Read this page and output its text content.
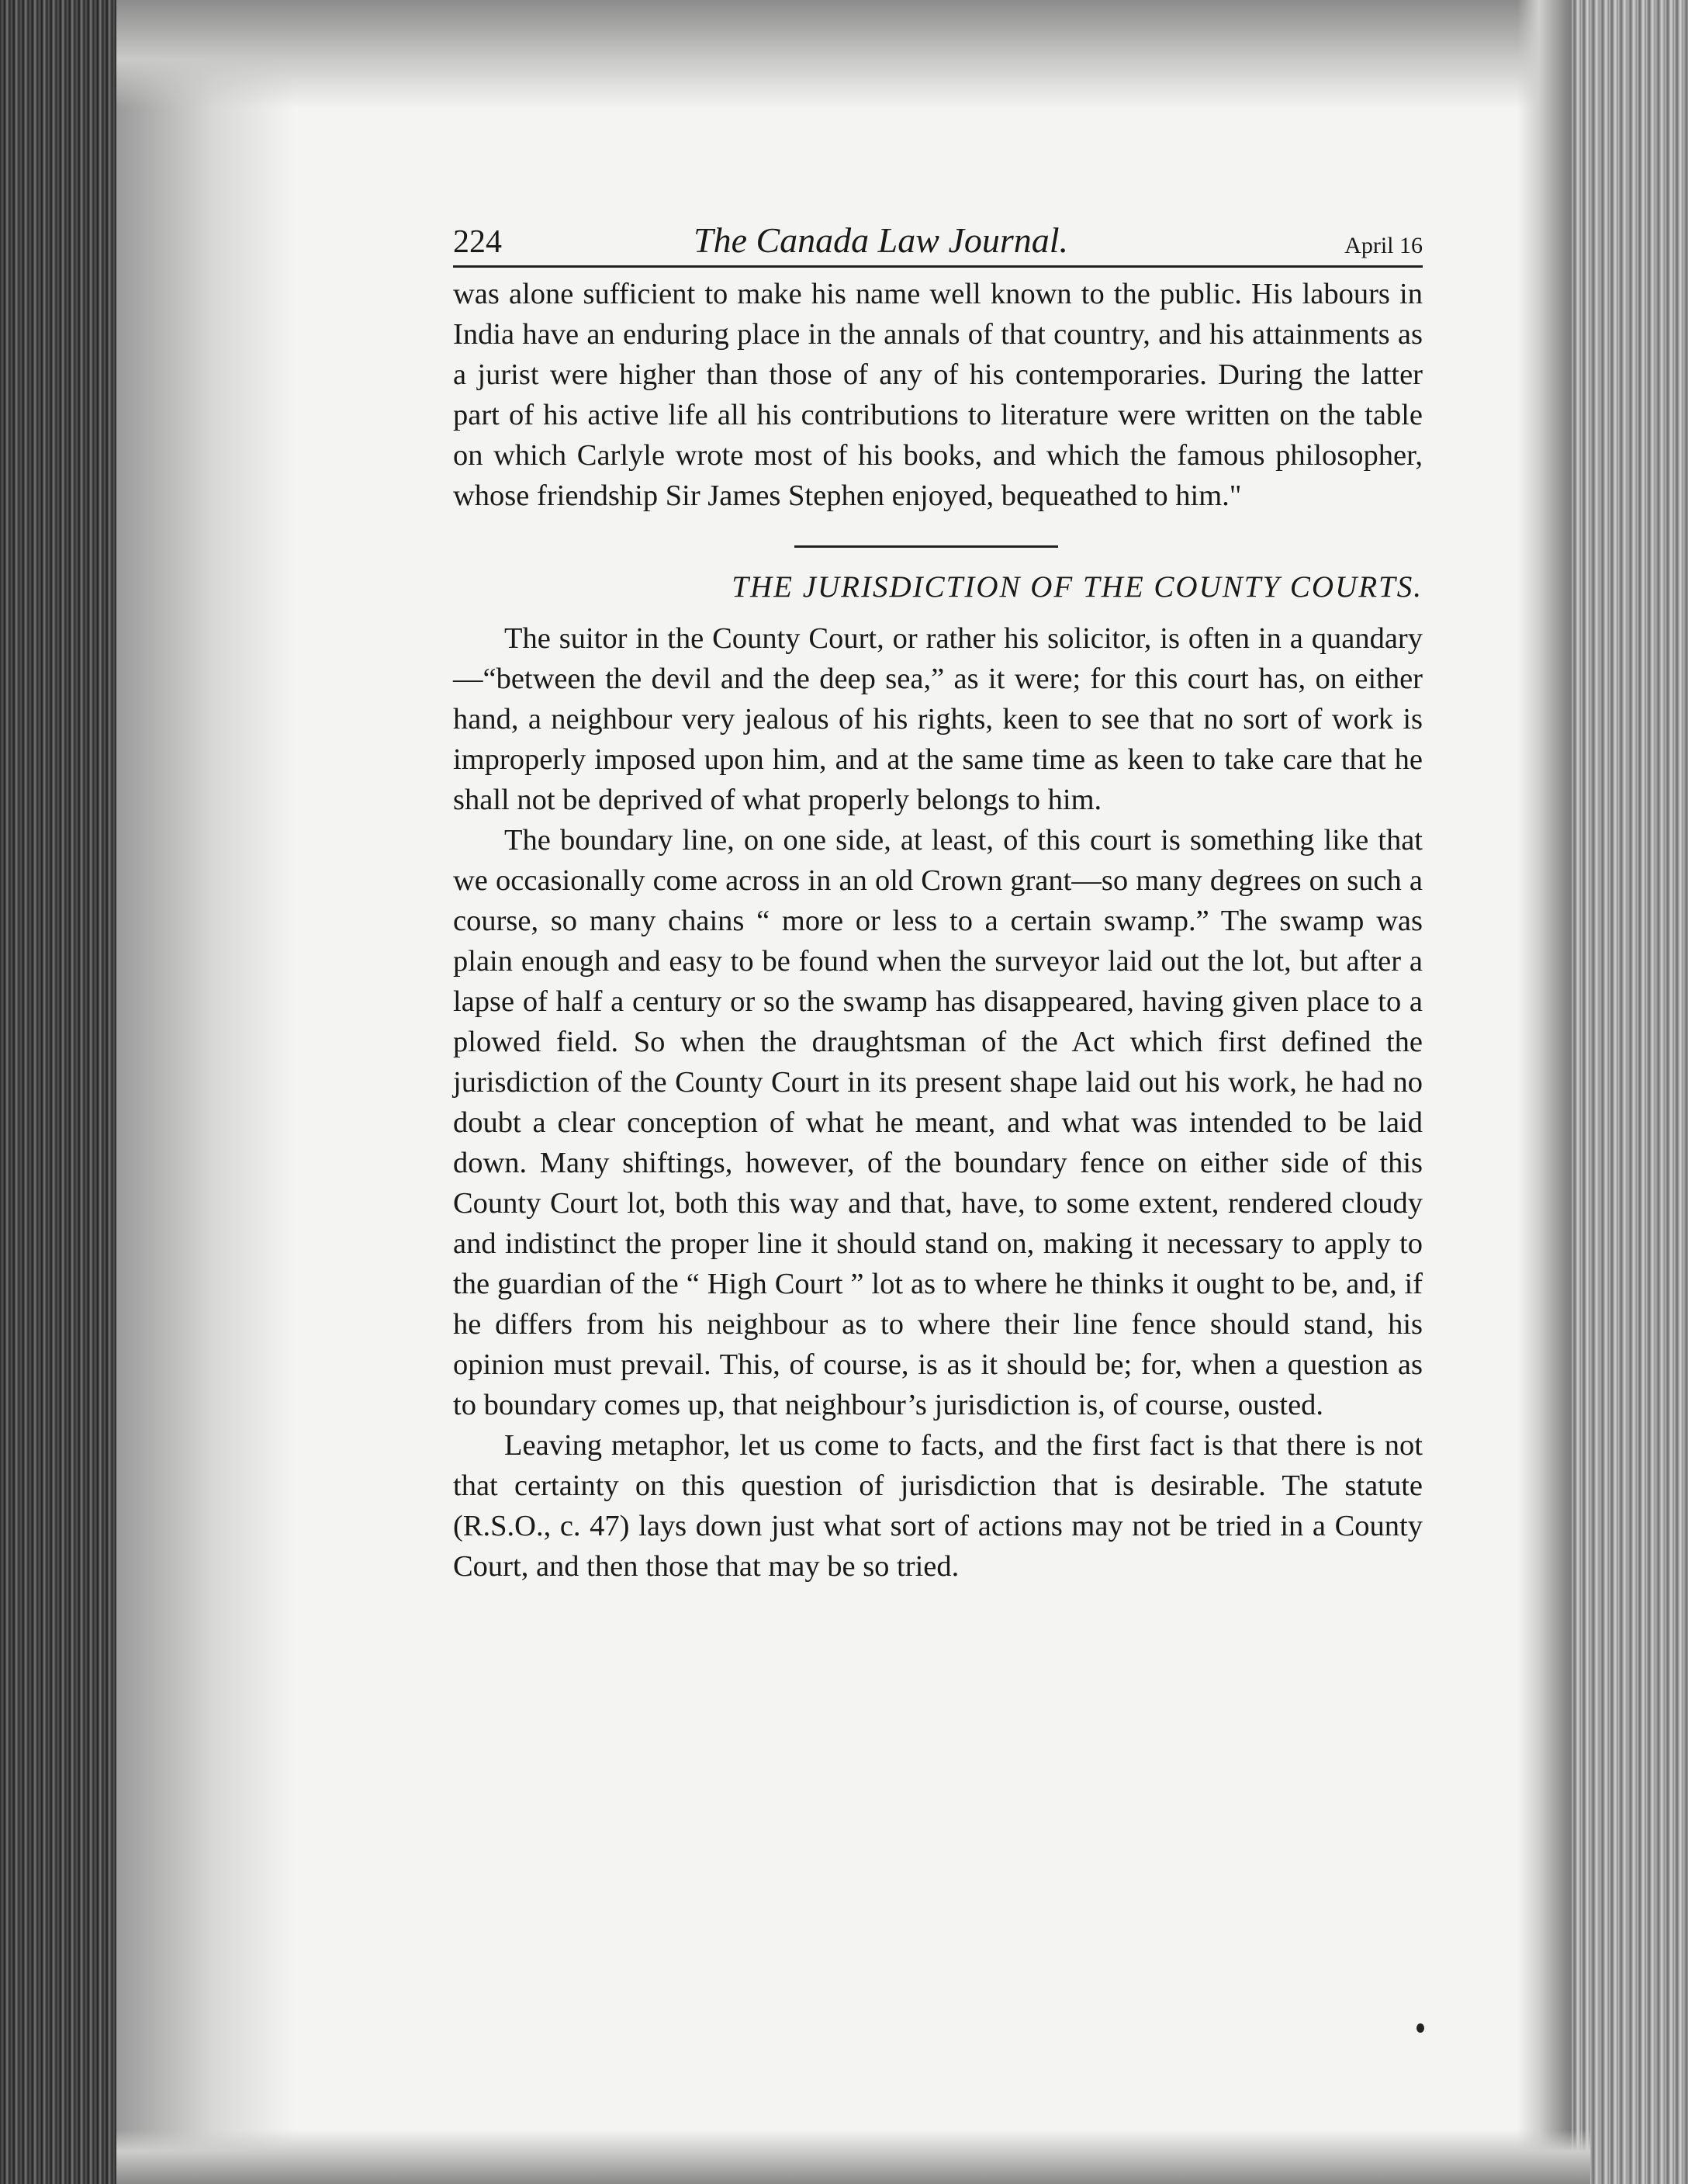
224	The Canada Law Journal.	April 16

was alone sufficient to make his name well known to the public. His labours in India have an enduring place in the annals of that country, and his attainments as a jurist were higher than those of any of his contemporaries. During the latter part of his active life all his contributions to literature were written on the table on which Carlyle wrote most of his books, and which the famous philosopher, whose friendship Sir James Stephen enjoyed, bequeathed to him."

THE JURISDICTION OF THE COUNTY COURTS.

The suitor in the County Court, or rather his solicitor, is often in a quandary—“between the devil and the deep sea,” as it were; for this court has, on either hand, a neighbour very jealous of his rights, keen to see that no sort of work is improperly imposed upon him, and at the same time as keen to take care that he shall not be deprived of what properly belongs to him.

The boundary line, on one side, at least, of this court is something like that we occasionally come across in an old Crown grant—so many degrees on such a course, so many chains “ more or less to a certain swamp.” The swamp was plain enough and easy to be found when the surveyor laid out the lot, but after a lapse of half a century or so the swamp has disappeared, having given place to a plowed field. So when the draughtsman of the Act which first defined the jurisdiction of the County Court in its present shape laid out his work, he had no doubt a clear conception of what he meant, and what was intended to be laid down. Many shiftings, however, of the boundary fence on either side of this County Court lot, both this way and that, have, to some extent, rendered cloudy and indistinct the proper line it should stand on, making it necessary to apply to the guardian of the “ High Court ” lot as to where he thinks it ought to be, and, if he differs from his neighbour as to where their line fence should stand, his opinion must prevail. This, of course, is as it should be; for, when a question as to boundary comes up, that neighbour’s jurisdiction is, of course, ousted.

Leaving metaphor, let us come to facts, and the first fact is that there is not that certainty on this question of jurisdiction that is desirable. The statute (R.S.O., c. 47) lays down just what sort of actions may not be tried in a County Court, and then those that may be so tried.
